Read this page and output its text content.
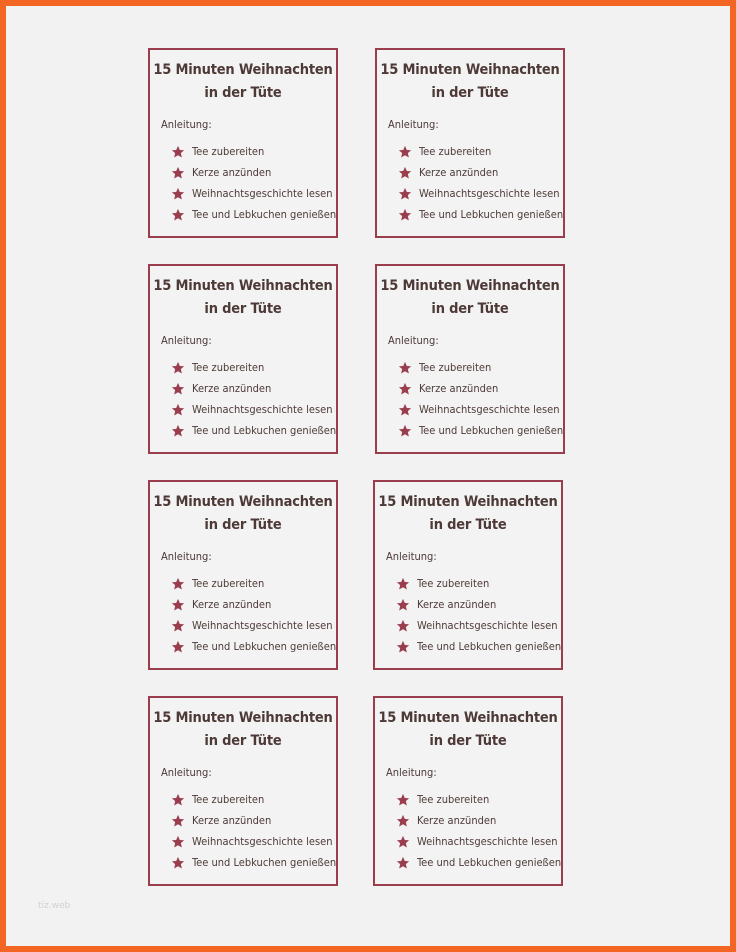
15 Minuten Weihnachten
in der Tüte
Anleitung:
Tee zubereiten
Kerze anzünden
Weihnachtsgeschichte lesen
Tee und Lebkuchen genießen
15 Minuten Weihnachten
in der Tüte
Anleitung:
Tee zubereiten
Kerze anzünden
Weihnachtsgeschichte lesen
Tee und Lebkuchen genießen
15 Minuten Weihnachten
in der Tüte
Anleitung:
Tee zubereiten
Kerze anzünden
Weihnachtsgeschichte lesen
Tee und Lebkuchen genießen
15 Minuten Weihnachten
in der Tüte
Anleitung:
Tee zubereiten
Kerze anzünden
Weihnachtsgeschichte lesen
Tee und Lebkuchen genießen
15 Minuten Weihnachten
in der Tüte
Anleitung:
Tee zubereiten
Kerze anzünden
Weihnachtsgeschichte lesen
Tee und Lebkuchen genießen
15 Minuten Weihnachten
in der Tüte
Anleitung:
Tee zubereiten
Kerze anzünden
Weihnachtsgeschichte lesen
Tee und Lebkuchen genießen
15 Minuten Weihnachten
in der Tüte
Anleitung:
Tee zubereiten
Kerze anzünden
Weihnachtsgeschichte lesen
Tee und Lebkuchen genießen
15 Minuten Weihnachten
in der Tüte
Anleitung:
Tee zubereiten
Kerze anzünden
Weihnachtsgeschichte lesen
Tee und Lebkuchen genießen
tiz.web
